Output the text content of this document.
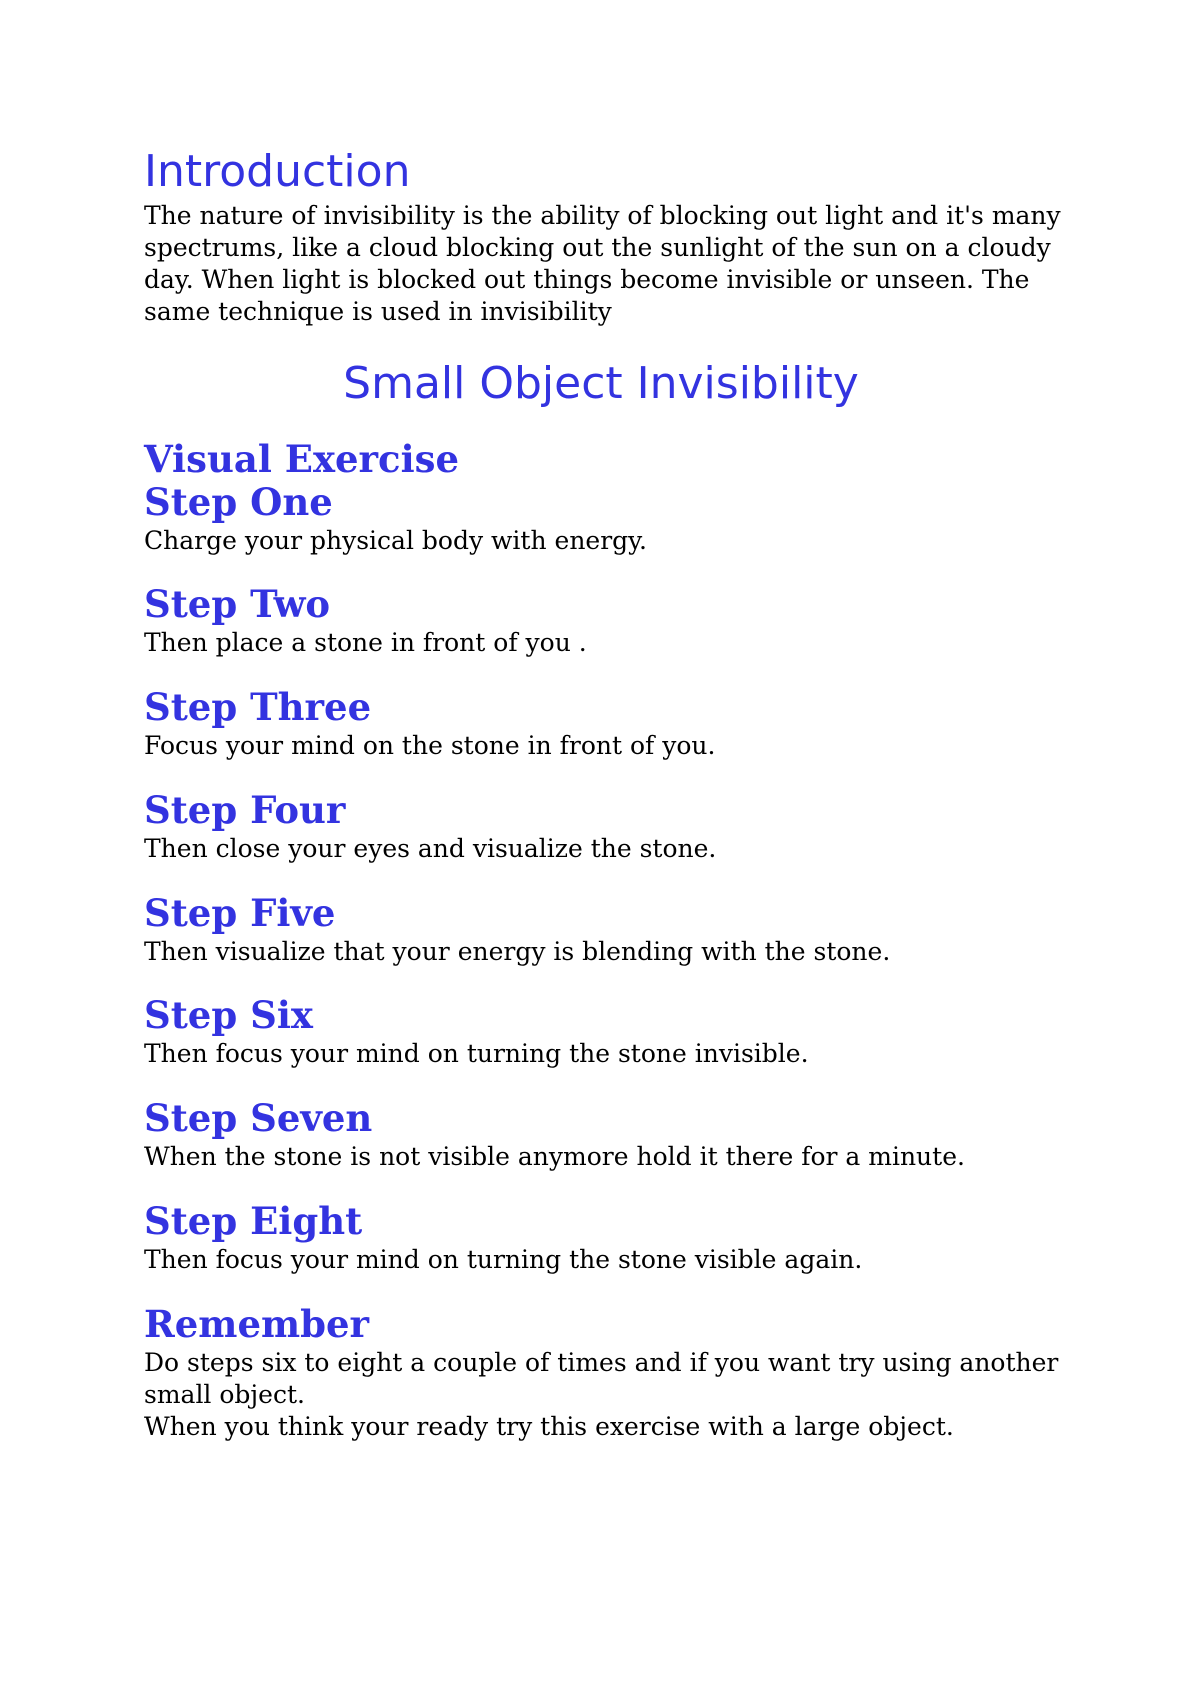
Introduction

The nature of invisibility is the ability of blocking out light and it's many spectrums, like a cloud blocking out the sunlight of the sun on a cloudy day. When light is blocked out things become invisible or unseen. The same technique is used in invisibility

Small Object Invisibility
Visual Exercise
Step One

Charge your physical body with energy.

Step Two

Then place a stone in front of you .

Step Three

Focus your mind on the stone in front of you.

Step Four

Then close your eyes and visualize the stone.

Step Five

Then visualize that your energy is blending with the stone.

Step Six

Then focus your mind on turning the stone invisible.

Step Seven

When the stone is not visible anymore hold it there for a minute.

Step Eight

Then focus your mind on turning the stone visible again.

Remember

Do steps six to eight a couple of times and if you want try using another small object.

When you think your ready try this exercise with a large object.
